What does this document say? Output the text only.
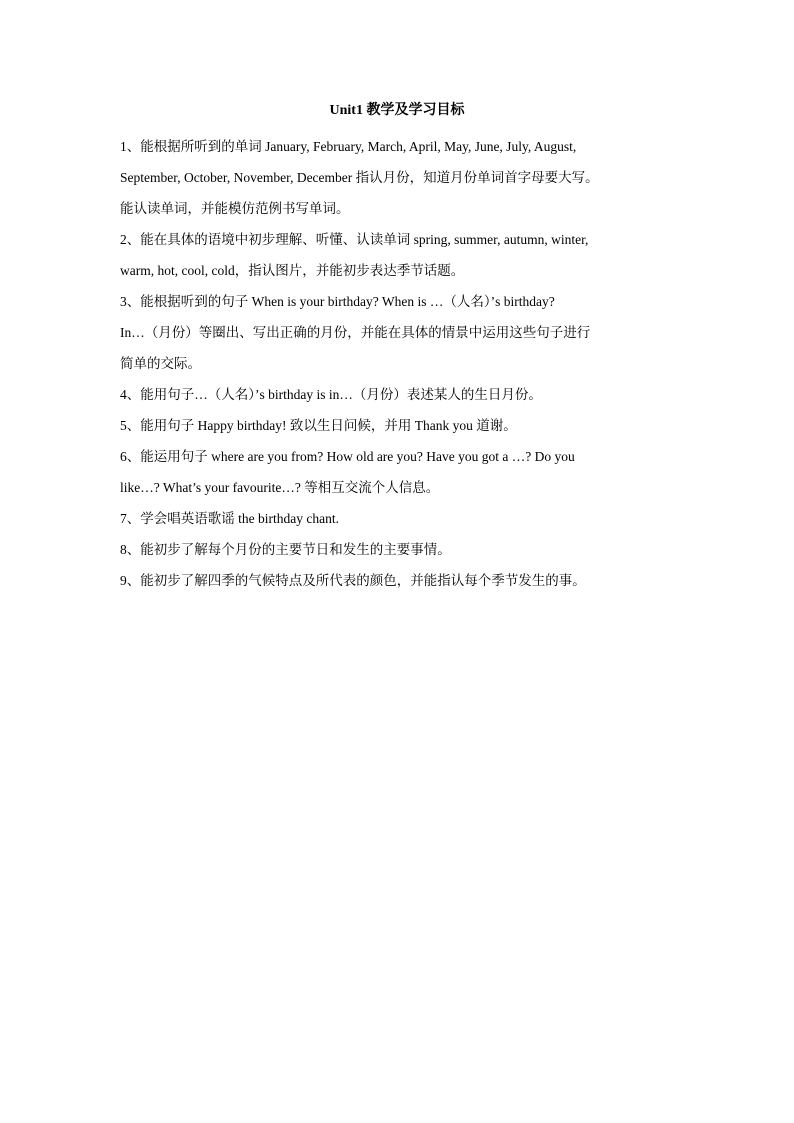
Unit1 教学及学习目标

1、能根据所听到的单词 January, February, March, April, May, June, July, August,
September, October, November, December 指认月份，知道月份单词首字母要大写。
能认读单词，并能模仿范例书写单词。

2、能在具体的语境中初步理解、听懂、认读单词 spring, summer, autumn, winter,
warm, hot, cool, cold，指认图片，并能初步表达季节话题。

3、能根据听到的句子 When is your birthday? When is …（人名）’s birthday?
In…（月份）等圈出、写出正确的月份，并能在具体的情景中运用这些句子进行
简单的交际。

4、能用句子…（人名）’s birthday is in…（月份）表述某人的生日月份。

5、能用句子 Happy birthday! 致以生日问候，并用 Thank you 道谢。

6、能运用句子 where are you from? How old are you? Have you got a …? Do you
like…? What’s your favourite…? 等相互交流个人信息。

7、学会唱英语歌谣 the birthday chant.

8、能初步了解每个月份的主要节日和发生的主要事情。

9、能初步了解四季的气候特点及所代表的颜色，并能指认每个季节发生的事。
